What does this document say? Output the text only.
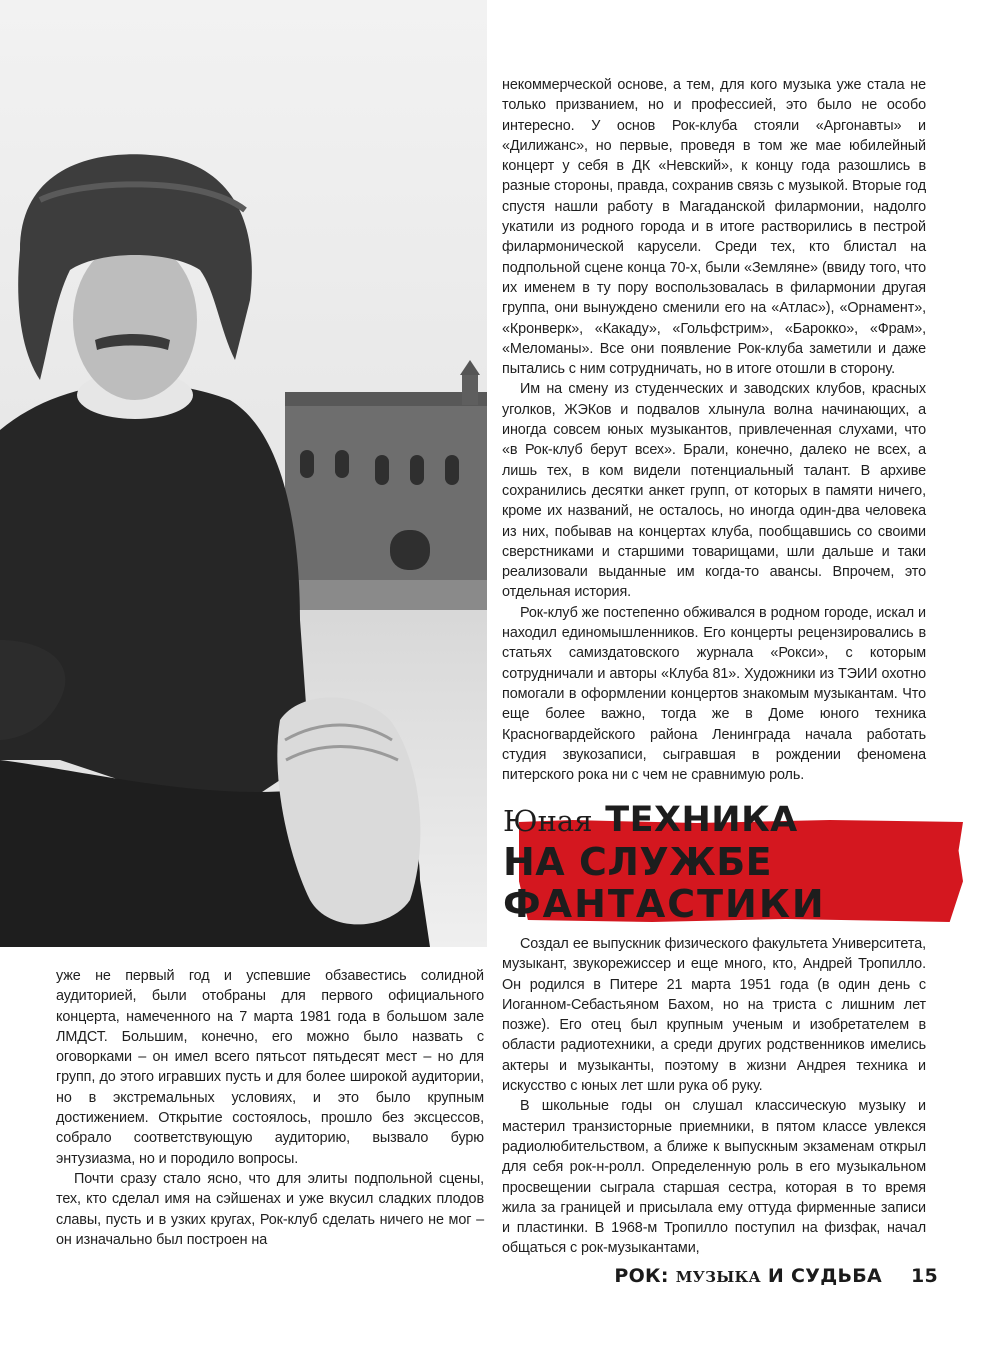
некоммерческой основе, а тем, для кого музыка уже стала не только призванием, но и профессией, это было не особо интересно. У основ Рок-клуба стояли «Аргонавты» и «Дилижанс», но первые, проведя в том же мае юбилейный концерт у себя в ДК «Невский», к концу года разошлись в разные стороны, правда, сохранив связь с музыкой. Вторые год спустя нашли работу в Магаданской филармонии, надолго укатили из родного города и в итоге растворились в пестрой филармонической карусели. Среди тех, кто блистал на подпольной сцене конца 70-х, были «Земляне» (ввиду того, что их именем в ту пору воспользовалась в филармонии другая группа, они вынуждено сменили его на «Атлас»), «Орнамент», «Кронверк», «Какаду», «Гольфстрим», «Барокко», «Фрам», «Меломаны». Все они появление Рок-клуба заметили и даже пытались с ним сотрудничать, но в итоге отошли в сторону.

Им на смену из студенческих и заводских клубов, красных уголков, ЖЭКов и подвалов хлынула волна начинающих, а иногда совсем юных музыкантов, привлеченная слухами, что «в Рок-клуб берут всех». Брали, конечно, далеко не всех, а лишь тех, в ком видели потенциальный талант. В архиве сохранились десятки анкет групп, от которых в памяти ничего, кроме их названий, не осталось, но иногда один-два человека из них, побывав на концертах клуба, пообщавшись со своими сверстниками и старшими товарищами, шли дальше и таки реализовали выданные им когда-то авансы. Впрочем, это отдельная история.

Рок-клуб же постепенно обживался в родном городе, искал и находил единомышленников. Его концерты рецензировались в статьях самиздатовского журнала «Рокси», с которым сотрудничали и авторы «Клуба 81». Художники из ТЭИИ охотно помогали в оформлении концертов знакомым музыкантам. Что еще более важно, тогда же в Доме юного техника Красногвардейского района Ленинграда начала работать студия звукозаписи, сыгравшая в рождении феномена питерского рока ни с чем не сравнимую роль.

Юная ТЕХНИКА
НА СЛУЖБЕ
ФАНТАСТИКИ

Создал ее выпускник физического факультета Университета, музыкант, звукорежиссер и еще много, кто, Андрей Тропилло. Он родился в Питере 21 марта 1951 года (в один день с Иоганном-Себастьяном Бахом, но на триста с лишним лет позже). Его отец был крупным ученым и изобретателем в области радиотехники, а среди других родственников имелись актеры и музыканты, поэтому в жизни Андрея техника и искусство с юных лет шли рука об руку.

В школьные годы он слушал классическую музыку и мастерил транзисторные приемники, в пятом классе увлекся радиолюбительством, а ближе к выпускным экзаменам открыл для себя рок-н-ролл. Определенную роль в его музыкальном просвещении сыграла старшая сестра, которая в то время жила за границей и присылала ему оттуда фирменные записи и пластинки. В 1968-м Тропилло поступил на физфак, начал общаться с рок-музыкантами,

уже не первый год и успевшие обзавестись солидной аудиторией, были отобраны для первого официального концерта, намеченного на 7 марта 1981 года в большом зале ЛМДСТ. Большим, конечно, его можно было назвать с оговорками – он имел всего пятьсот пятьдесят мест – но для групп, до этого игравших пусть и для более широкой аудитории, но в экстремальных условиях, и это было крупным достижением. Открытие состоялось, прошло без эксцессов, собрало соответствующую аудиторию, вызвало бурю энтузиазма, но и породило вопросы.

Почти сразу стало ясно, что для элиты подпольной сцены, тех, кто сделал имя на сэйшенах и уже вкусил сладких плодов славы, пусть и в узких кругах, Рок-клуб сделать ничего не мог – он изначально был построен на

РОК: МУЗЫКА И СУДЬБА 15
